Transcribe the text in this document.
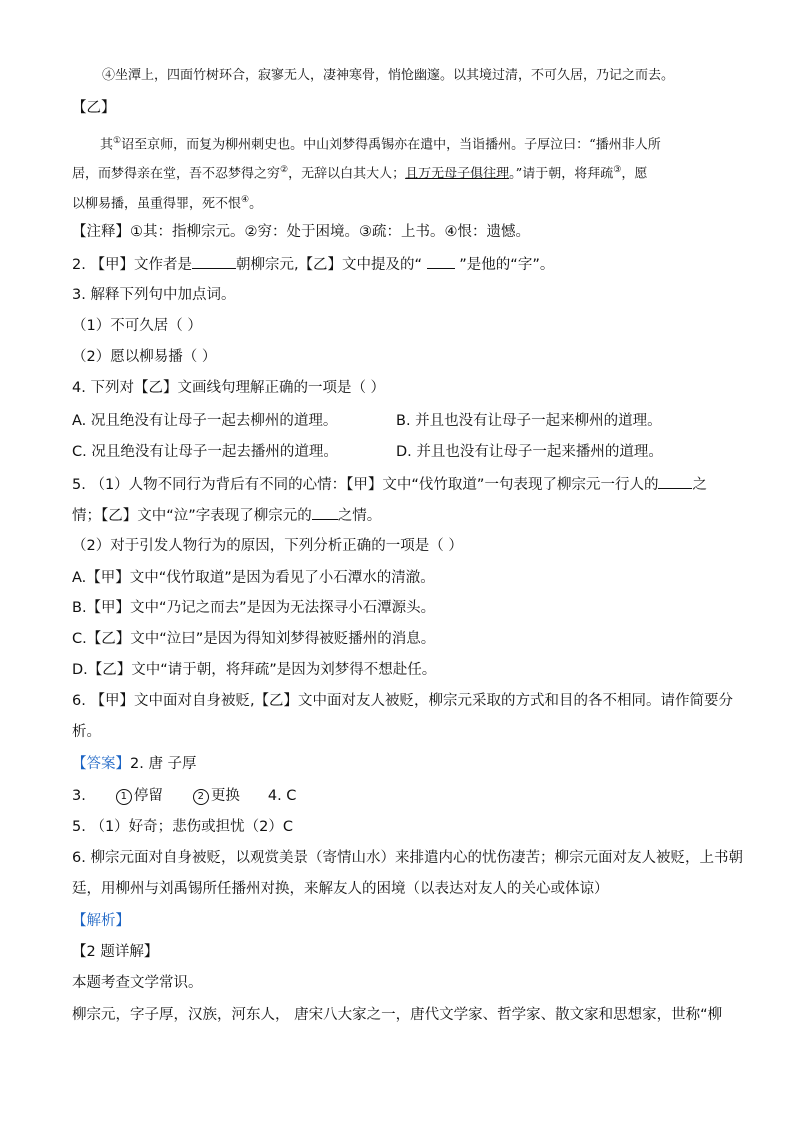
④坐潭上，四面竹树环合，寂寥无人，凄神寒骨，悄怆幽邃。以其境过清，不可久居，乃记之而去。
【乙】
其①诏至京师，而复为柳州刺史也。中山刘梦得禹锡亦在遣中，当诣播州。子厚泣曰：“播州非人所
居，而梦得亲在堂，吾不忍梦得之穷②，无辞以白其大人；且万无母子俱往理。”请于朝，将拜疏③，愿
以柳易播，虽重得罪，死不恨④。
【注释】①其：指柳宗元。②穷：处于困境。③疏：上书。④恨：遗憾。
2. 【甲】文作者是	朝柳宗元,【乙】文中提及的“  ”是他的“字”。
3. 解释下列句中加点词。
（1）不可久居（ ）
（2）愿以柳易播（ ）
4. 下列对【乙】文画线句理解正确的一项是（ ）
A. 况且绝没有让母子一起去柳州的道理。	B. 并且也没有让母子一起来柳州的道理。
C. 况且绝没有让母子一起去播州的道理。	D. 并且也没有让母子一起来播州的道理。
5. （1）人物不同行为背后有不同的心情：【甲】文中“伐竹取道”一句表现了柳宗元一行人的 之
情；【乙】文中“泣”字表现了柳宗元的 之情。
（2）对于引发人物行为的原因，下列分析正确的一项是（ ）
A.【甲】文中“伐竹取道”是因为看见了小石潭水的清澈。
B.【甲】文中“乃记之而去”是因为无法探寻小石潭源头。
C.【乙】文中“泣曰”是因为得知刘梦得被贬播州的消息。
D.【乙】文中“请于朝，将拜疏”是因为刘梦得不想赴任。
6. 【甲】文中面对自身被贬,【乙】文中面对友人被贬，柳宗元采取的方式和目的各不相同。请作简要分
析。
【答案】2. 唐 子厚
3.	1 停留	2 更换 4. C
5. （1）好奇；悲伤或担忧（2）C
6. 柳宗元面对自身被贬，以观赏美景（寄情山水）来排遣内心的忧伤凄苦；柳宗元面对友人被贬，上书朝
廷，用柳州与刘禹锡所任播州对换，来解友人的困境（以表达对友人的关心或体谅）
【解析】
【2 题详解】
本题考查文学常识。
柳宗元，字子厚，汉族，河东人， 唐宋八大家之一，唐代文学家、哲学家、散文家和思想家，世称“柳
